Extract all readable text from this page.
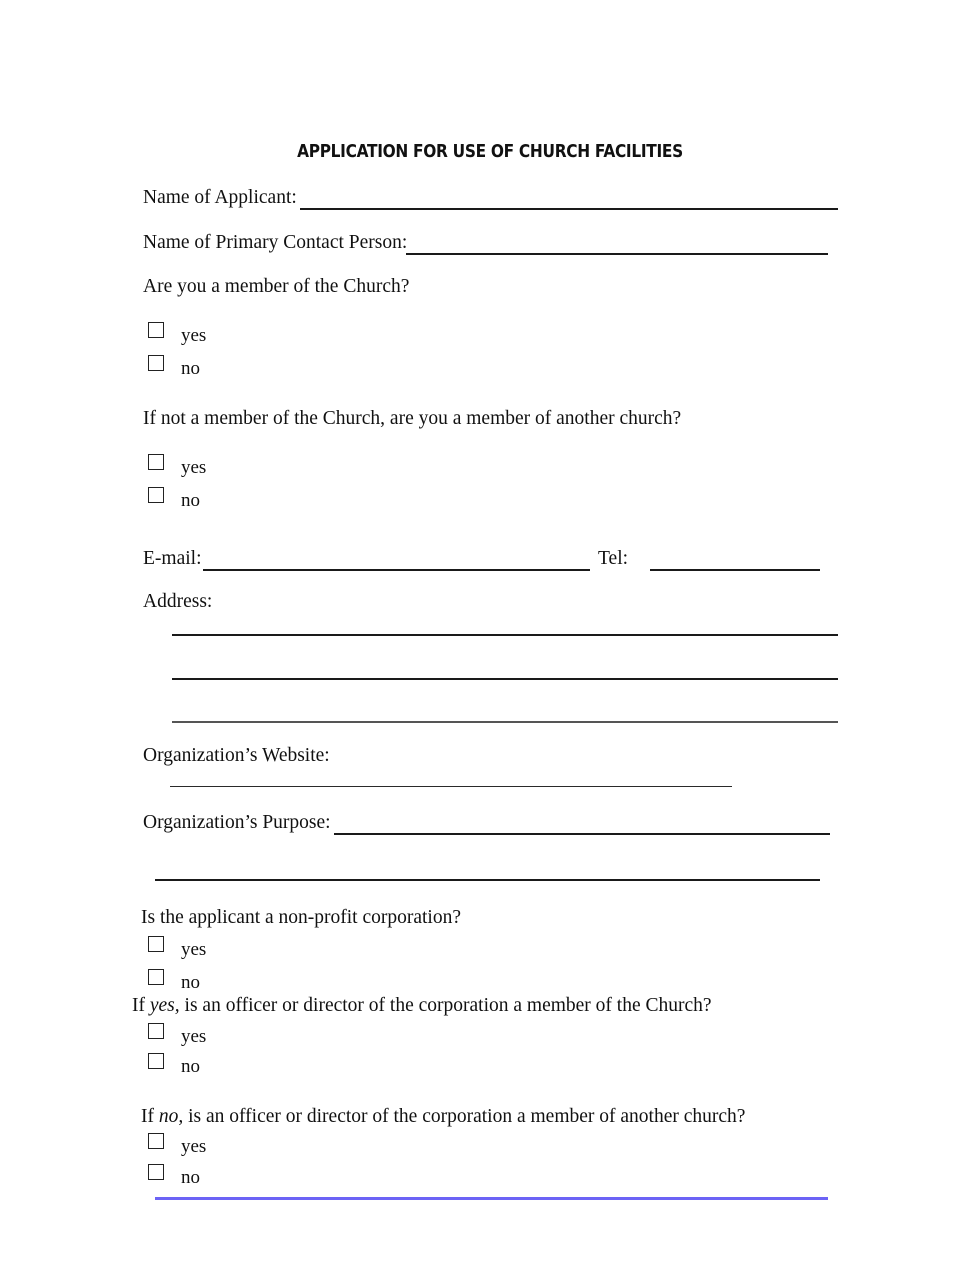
APPLICATION FOR USE OF CHURCH FACILITIES
Name of Applicant:
Name of Primary Contact Person:
Are you a member of the Church?
yes
no
If not a member of the Church, are you a member of another church?
yes
no
E-mail:	Tel:
Address:
Organization’s Website:
Organization’s Purpose:
Is the applicant a non-profit corporation?
yes
no
If yes, is an officer or director of the corporation a member of the Church?
yes
no
If no, is an officer or director of the corporation a member of another church?
yes
no
